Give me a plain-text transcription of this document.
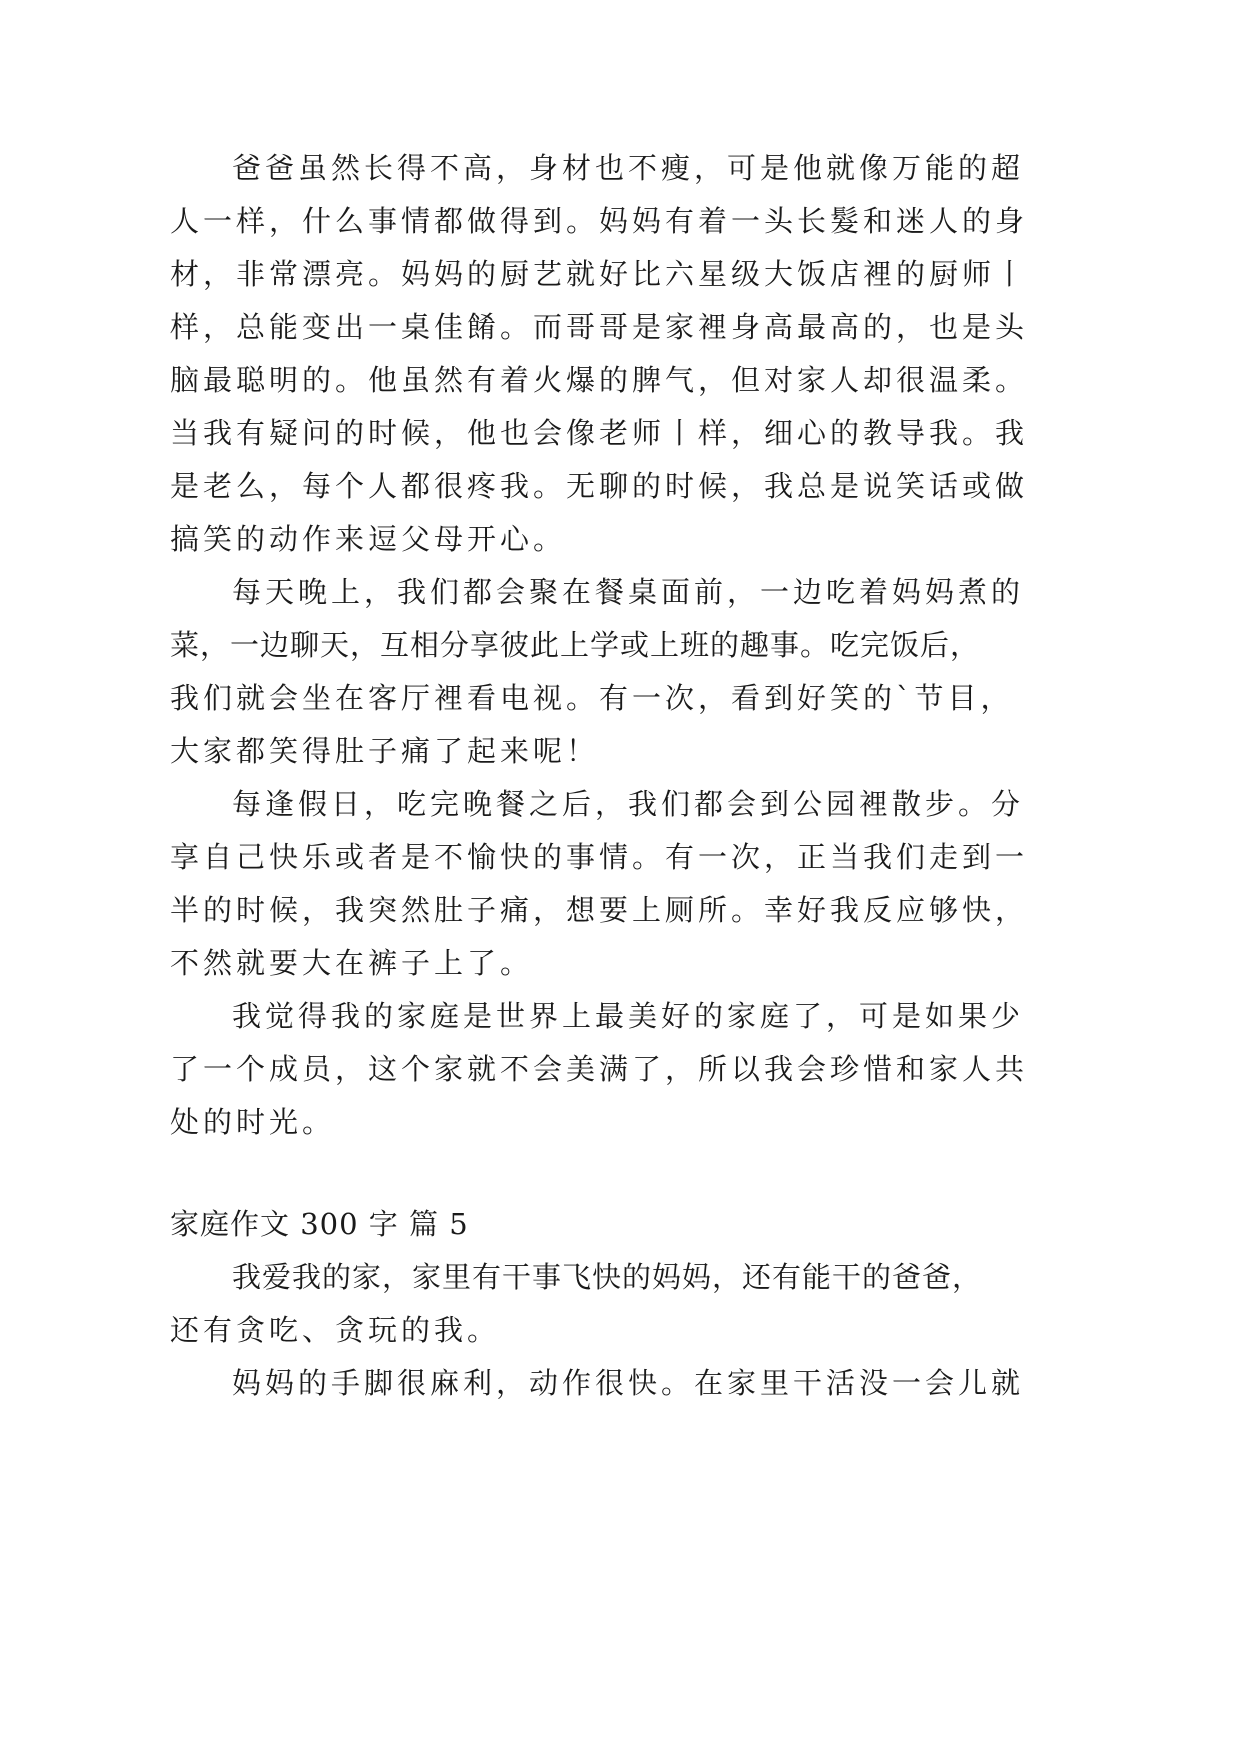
爸爸虽然长得不高，身材也不瘦，可是他就像万能的超
人一样，什么事情都做得到。妈妈有着一头长髮和迷人的身
材，非常漂亮。妈妈的厨艺就好比六星级大饭店裡的厨师丨
样，总能变出一桌佳餚。而哥哥是家裡身高最高的，也是头
脑最聪明的。他虽然有着火爆的脾气，但对家人却很温柔。
当我有疑问的时候，他也会像老师丨样，细心的教导我。我
是老么，每个人都很疼我。无聊的时候，我总是说笑话或做
搞笑的动作来逗父母开心。
每天晚上，我们都会聚在餐桌面前，一边吃着妈妈煮的
菜，一边聊天，互相分享彼此上学或上班的趣事。吃完饭后，
我们就会坐在客厅裡看电视。有一次，看到好笑的`节目，
大家都笑得肚子痛了起来呢！
每逢假日，吃完晚餐之后，我们都会到公园裡散步。分
享自己快乐或者是不愉快的事情。有一次，正当我们走到一
半的时候，我突然肚子痛，想要上厕所。幸好我反应够快，
不然就要大在裤子上了。
我觉得我的家庭是世界上最美好的家庭了，可是如果少
了一个成员，这个家就不会美满了，所以我会珍惜和家人共
处的时光。
家庭作文 300 字 篇 5
我爱我的家，家里有干事飞快的妈妈，还有能干的爸爸，
还有贪吃、贪玩的我。
妈妈的手脚很麻利，动作很快。在家里干活没一会儿就
